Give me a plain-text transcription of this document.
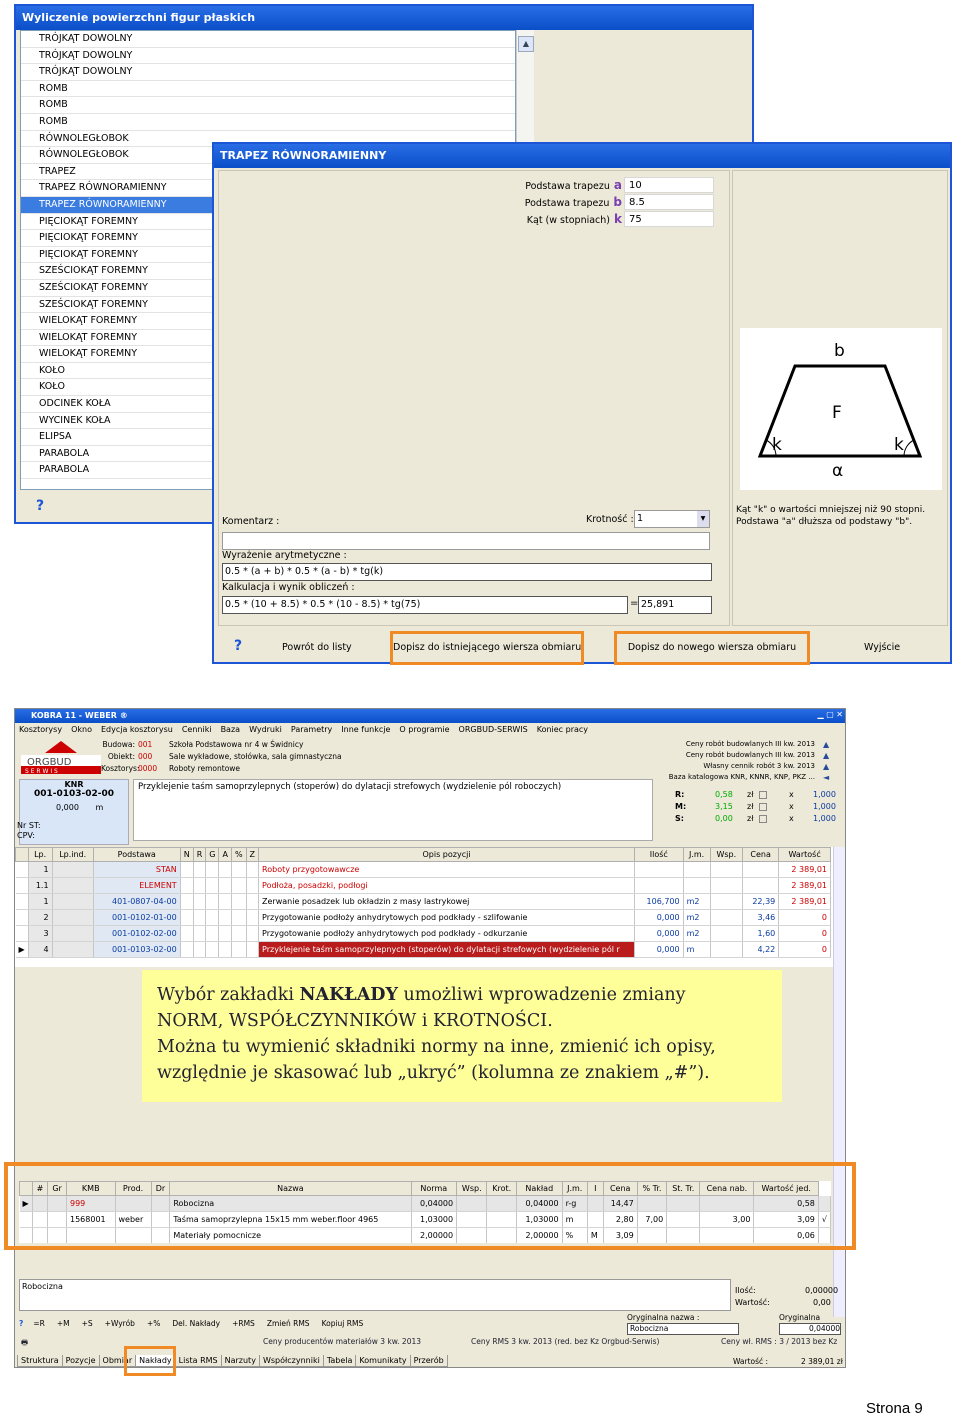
Wyliczenie powierzchni figur płaskich
TRÓJKĄT DOWOLNY
TRÓJKĄT DOWOLNY
TRÓJKĄT DOWOLNY
ROMB
ROMB
ROMB
RÓWNOLEGŁOBOK
RÓWNOLEGŁOBOK
TRAPEZ
TRAPEZ RÓWNORAMIENNY
TRAPEZ RÓWNORAMIENNY
PIĘCIOKĄT FOREMNY
PIĘCIOKĄT FOREMNY
PIĘCIOKĄT FOREMNY
SZEŚCIOKĄT FOREMNY
SZEŚCIOKĄT FOREMNY
SZEŚCIOKĄT FOREMNY
WIELOKĄT FOREMNY
WIELOKĄT FOREMNY
WIELOKĄT FOREMNY
KOŁO
KOŁO
ODCINEK KOŁA
WYCINEK KOŁA
ELIPSA
PARABOLA
PARABOLA
▲
?
TRAPEZ RÓWNORAMIENNY
b
F
k	k
α
Kąt "k" o wartości mniejszej niż 90 stopni.
Podstawa "a" dłuższa od podstawy "b".
Komentarz :	Krotność : 1	▾
Wyrażenie arytmetyczne :
0.5 * (a + b) * 0.5 * (a - b) * tg(k)
Kalkulacja i wynik obliczeń :
0.5 * (10 + 8.5) * 0.5 * (10 - 8.5) * tg(75)	= 25,891
?	Powrót do listy	Dopisz do istniejącego wiersza obmiaru	Dopisz do nowego wiersza obmiaru	Wyjście
Podstawa trapezu a 10
Podstawa trapezu b 8.5
Kąt (w stopniach) k 75
KOBRA 11 - WEBER ®	▁ ▢ ✕
Kosztorysy Okno Edycja kosztorysu Cenniki Baza Wydruki Parametry Inne funkcje O programie ORGBUD-SERWIS Koniec pracy
ORGBUD
S E R W I S
Budowa: 001 Szkoła Podstawowa nr 4 w Świdnicy
Obiekt: 000 Sale wykładowe, stołówka, sala gimnastyczna
Kosztorys:0000 Roboty remontowe
Ceny robót budowlanych III kw. 2013
Ceny robót budowlanych III kw. 2013
Własny cennik robót 3 kw. 2013
Baza katalogowa KNR, KNNR, KNP, PKZ ...
▲
▲
▲
◄
KNR
001-0103-02-00
0,000 m
Nr ST:
CPV:
Przyklejenie taśm samoprzylepnych (stoperów) do dylatacji strefowych (wydzielenie pól roboczych)
R:	0,58 zł	x 1,000
M:	3,15 zł	x 1,000
S:	0,00 zł	x 1,000
	Lp.	Lp.ind.	Podstawa	N	R	G	A	%	Z	Opis pozycji	Ilość	J.m.	Wsp.	Cena	Wartość
	1		STAN							Roboty przygotowawcze					2 389,01
	1.1		ELEMENT							Podłoża, posadzki, podłogi					2 389,01
	1		401-0807-04-00							Zerwanie posadzek lub okładzin z masy lastrykowej	106,700	m2		22,39	2 389,01
	2		001-0102-01-00							Przygotowanie podłoży anhydrytowych pod podkłady - szlifowanie	0,000	m2		3,46	0
	3		001-0102-02-00							Przygotowanie podłoży anhydrytowych pod podkłady - odkurzanie	0,000	m2		1,60	0
▶	4		001-0103-02-00							Przyklejenie taśm samoprzylepnych (stoperów) do dylatacji strefowych (wydzielenie pól r	0,000	m		4,22	0
	#	Gr	KMB	Prod.	Dr	Nazwa	Norma	Wsp.	Krot.	Nakład	J.m.	I	Cena	% Tr.	St. Tr.	Cena nab.	Wartość jed.	
▶			999			Robocizna	0,04000			0,04000	r-g		14,47				0,58	
			1568001	weber		Taśma samoprzylepna 15x15 mm weber.floor 4965	1,03000			1,03000	m		2,80	7,00		3,00	3,09	√
						Materiały pomocnicze	2,00000			2,00000	%	M	3,09				0,06	
Robocizna	Ilość:	0,00000
Wartość:	0,00
? =R +M +S +Wyrób +% Del. Nakłady +RMS Zmień RMS Kopiuj RMS
Oryginalna nazwa :
Robocizna
Oryginalna
0,04000
🖶	Ceny producentów materiałów 3 kw. 2013	Ceny RMS 3 kw. 2013 (red. bez Kz Orgbud-Serwis)	Ceny wł. RMS : 3 / 2013 bez Kz
Struktura Pozycje Obmiar Nakłady Lista RMS Narzuty Współczynniki Tabela Komunikaty Przerób	Wartość :	2 389,01 zł
Wybór zakładki NAKŁADY umożliwi wprowadzenie zmiany
NORM, WSPÓŁCZYNNIKÓW i KROTNOŚCI.
Można tu wymienić składniki normy na inne, zmienić ich opisy,
względnie je skasować lub „ukryć” (kolumna ze znakiem „#”).
Strona 9
